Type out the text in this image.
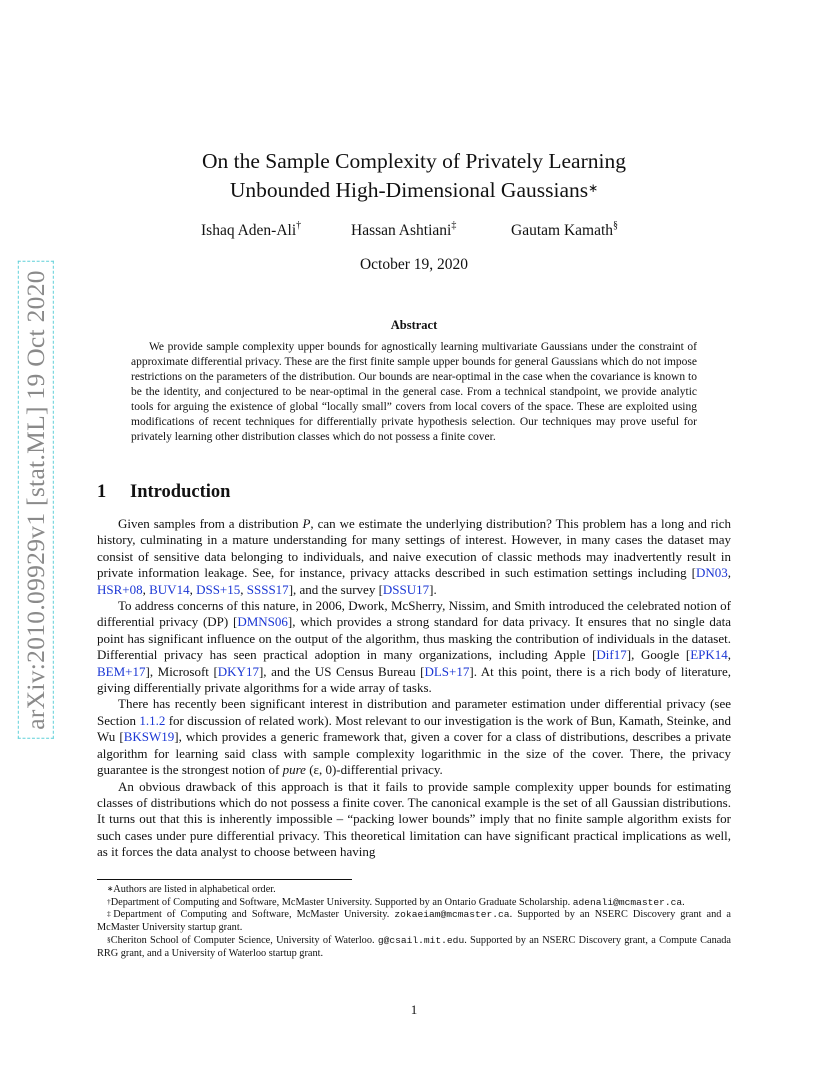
arXiv:2010.09929v1 [stat.ML] 19 Oct 2020
On the Sample Complexity of Privately Learning
Unbounded High-Dimensional Gaussians∗
Ishaq Aden-Ali†	Hassan Ashtiani‡	Gautam Kamath§
October 19, 2020
Abstract
We provide sample complexity upper bounds for agnostically learning multivariate Gaussians under the constraint of approximate differential privacy. These are the first finite sample upper bounds for general Gaussians which do not impose restrictions on the parameters of the distribution. Our bounds are near-optimal in the case when the covariance is known to be the identity, and conjectured to be near-optimal in the general case. From a technical standpoint, we provide analytic tools for arguing the existence of global “locally small” covers from local covers of the space. These are exploited using modifications of recent techniques for differentially private hypothesis selection. Our techniques may prove useful for privately learning other distribution classes which do not possess a finite cover.
1 Introduction

Given samples from a distribution P, can we estimate the underlying distribution? This problem has a long and rich history, culminating in a mature understanding for many settings of interest. However, in many cases the dataset may consist of sensitive data belonging to individuals, and naive execution of classic methods may inadvertently result in private information leakage. See, for instance, privacy attacks described in such estimation settings including [DN03, HSR+08, BUV14, DSS+15, SSSS17], and the survey [DSSU17].

To address concerns of this nature, in 2006, Dwork, McSherry, Nissim, and Smith introduced the celebrated notion of differential privacy (DP) [DMNS06], which provides a strong standard for data privacy. It ensures that no single data point has significant influence on the output of the algorithm, thus masking the contribution of individuals in the dataset. Differential privacy has seen practical adoption in many organizations, including Apple [Dif17], Google [EPK14, BEM+17], Microsoft [DKY17], and the US Census Bureau [DLS+17]. At this point, there is a rich body of literature, giving differentially private algorithms for a wide array of tasks.

There has recently been significant interest in distribution and parameter estimation under differential privacy (see Section 1.1.2 for discussion of related work). Most relevant to our investigation is the work of Bun, Kamath, Steinke, and Wu [BKSW19], which provides a generic framework that, given a cover for a class of distributions, describes a private algorithm for learning said class with sample complexity logarithmic in the size of the cover. There, the privacy guarantee is the strongest notion of pure (ε, 0)-differential privacy.

An obvious drawback of this approach is that it fails to provide sample complexity upper bounds for estimating classes of distributions which do not possess a finite cover. The canonical example is the set of all Gaussian distributions. It turns out that this is inherently impossible – “packing lower bounds” imply that no finite sample algorithm exists for such cases under pure differential privacy. This theoretical limitation can have significant practical implications as well, as it forces the data analyst to choose between having

∗Authors are listed in alphabetical order.

†Department of Computing and Software, McMaster University. Supported by an Ontario Graduate Scholarship. adenali@mcmaster.ca.

‡Department of Computing and Software, McMaster University. zokaeiam@mcmaster.ca. Supported by an NSERC Discovery grant and a McMaster University startup grant.

§Cheriton School of Computer Science, University of Waterloo. g@csail.mit.edu. Supported by an NSERC Discovery grant, a Compute Canada RRG grant, and a University of Waterloo startup grant.

1
